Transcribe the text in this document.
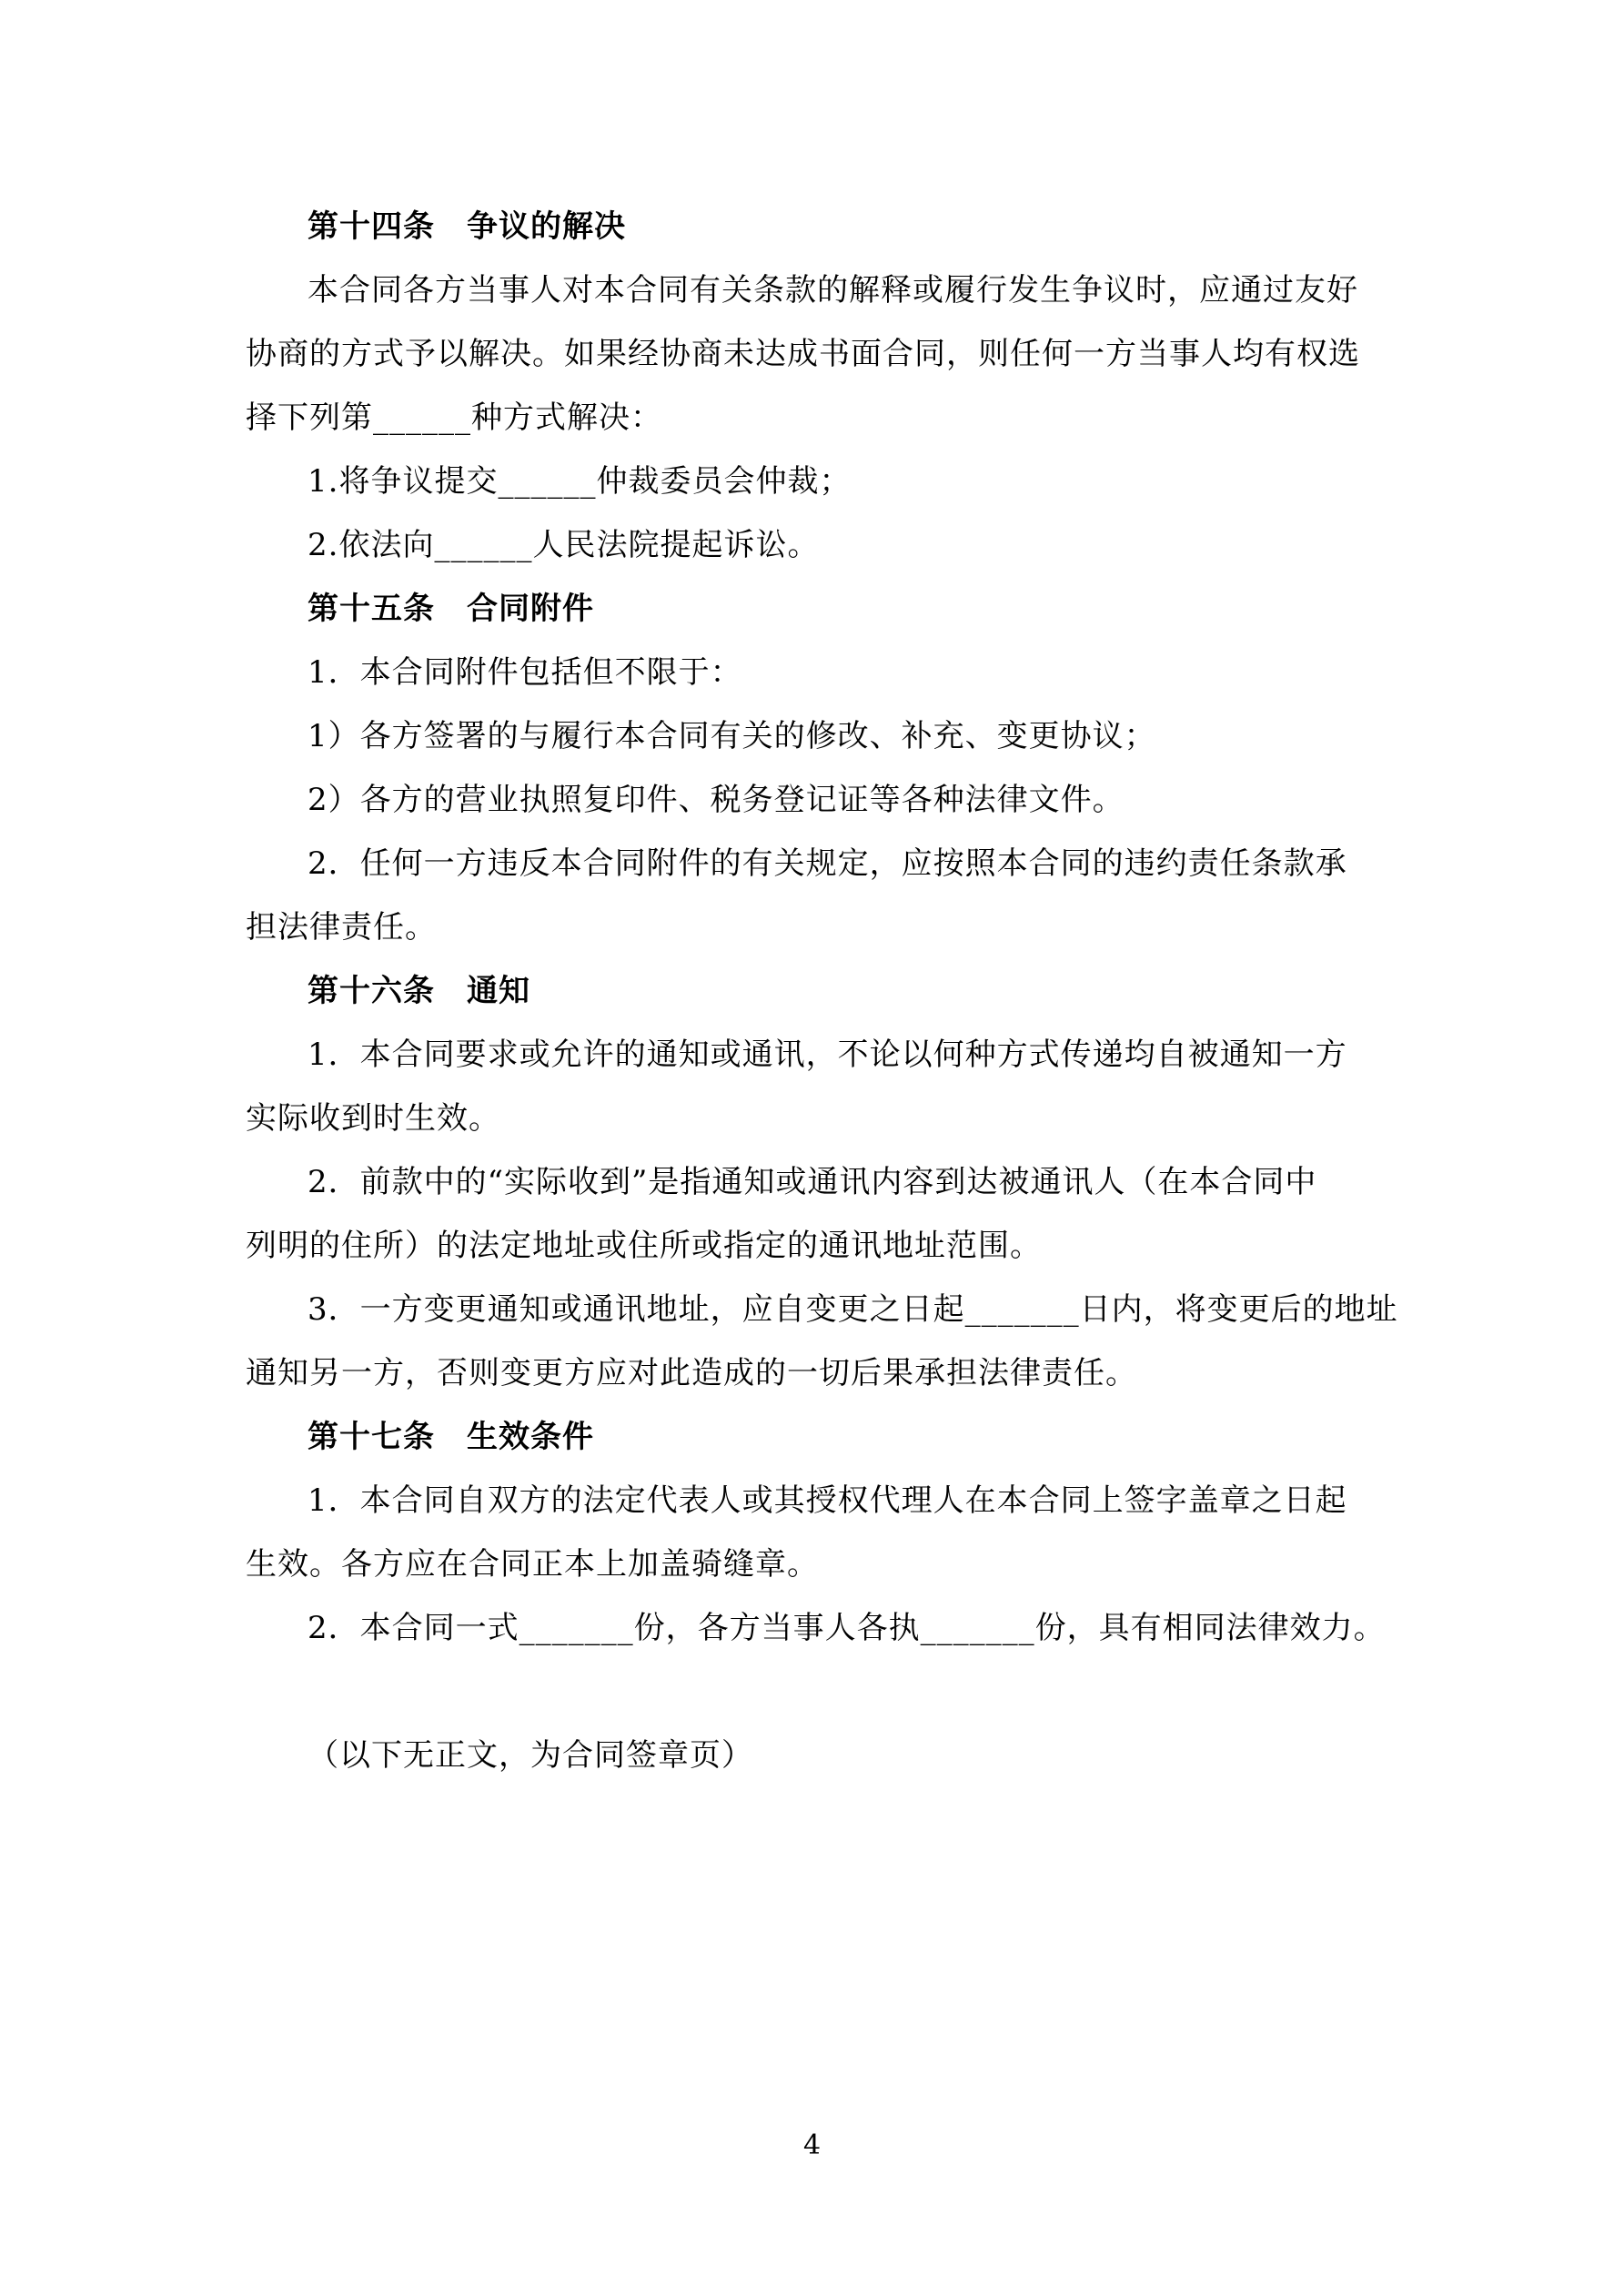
第十四条　争议的解决
本合同各方当事人对本合同有关条款的解释或履行发生争议时，应通过友好
协商的方式予以解决。如果经协商未达成书面合同，则任何一方当事人均有权选
择下列第______种方式解决：
1.将争议提交______仲裁委员会仲裁；
2.依法向______人民法院提起诉讼。
第十五条　合同附件
1．本合同附件包括但不限于：
1）各方签署的与履行本合同有关的修改、补充、变更协议；
2）各方的营业执照复印件、税务登记证等各种法律文件。
2．任何一方违反本合同附件的有关规定，应按照本合同的违约责任条款承
担法律责任。
第十六条　通知
1．本合同要求或允许的通知或通讯，不论以何种方式传递均自被通知一方
实际收到时生效。
2．前款中的“实际收到”是指通知或通讯内容到达被通讯人（在本合同中
列明的住所）的法定地址或住所或指定的通讯地址范围。
3．一方变更通知或通讯地址，应自变更之日起_______日内，将变更后的地址
通知另一方，否则变更方应对此造成的一切后果承担法律责任。
第十七条　生效条件
1．本合同自双方的法定代表人或其授权代理人在本合同上签字盖章之日起
生效。各方应在合同正本上加盖骑缝章。
2．本合同一式_______份，各方当事人各执_______份，具有相同法律效力。
（以下无正文，为合同签章页）
4
